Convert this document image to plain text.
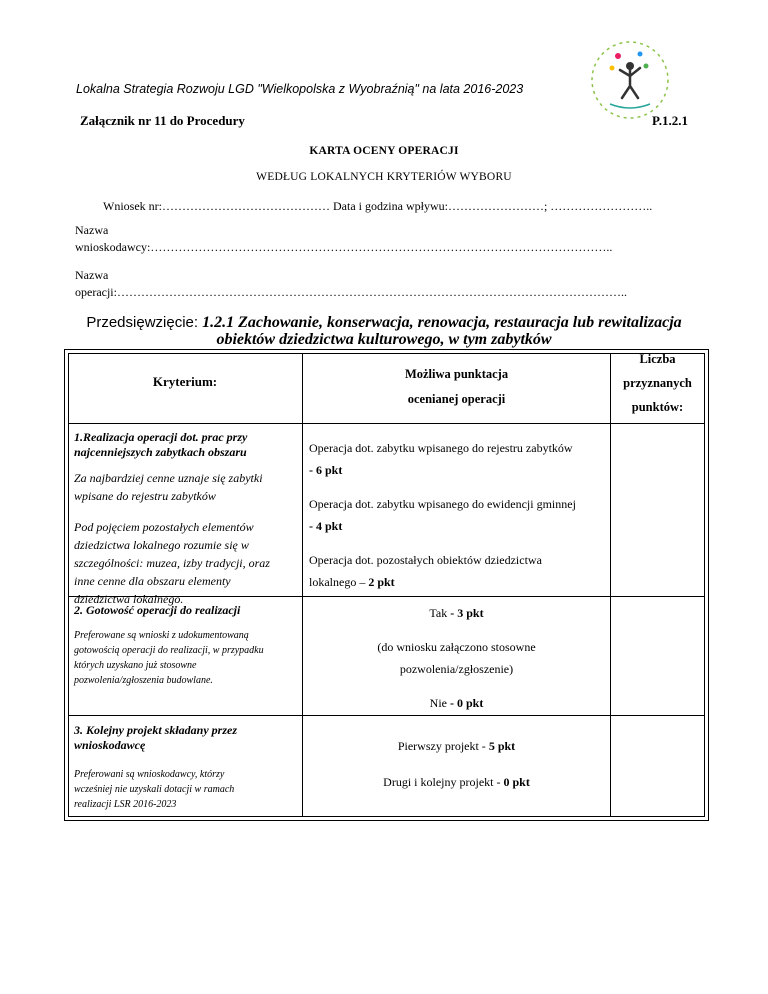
Lokalna Strategia Rozwoju LGD "Wielkopolska z Wyobraźnią" na lata 2016-2023
Załącznik nr 11 do Procedury	P.1.2.1
KARTA OCENY OPERACJI
WEDŁUG LOKALNYCH KRYTERIÓW WYBORU
Wniosek nr:…………………………………… Data i godzina wpływu:……………………; ……………………..
Nazwa
wnioskodawcy:……………………………………………………………………………………………………..
Nazwa
operacji:………………………………………………………………………………………………………………..
Przedsięwzięcie: 1.2.1 Zachowanie, konserwacja, renowacja, restauracja lub rewitalizacja
obiektów dziedzictwa kulturowego, w tym zabytków
Kryterium:	Możliwa punktacja
ocenianej operacji
Liczba
przyznanych
punktów:
1.Realizacja operacji dot. prac przy
najcenniejszych zabytkach obszaru
Za najbardziej cenne uznaje się zabytki
wpisane do rejestru zabytków
Pod pojęciem pozostałych elementów
dziedzictwa lokalnego rozumie się w
szczególności: muzea, izby tradycji, oraz
inne cenne dla obszaru elementy
dziedzictwa lokalnego.
Operacja dot. zabytku wpisanego do rejestru zabytków
- 6 pkt
Operacja dot. zabytku wpisanego do ewidencji gminnej
- 4 pkt
Operacja dot. pozostałych obiektów dziedzictwa
lokalnego – 2 pkt
2. Gotowość operacji do realizacji
Preferowane są wnioski z udokumentowaną
gotowością operacji do realizacji, w przypadku
których uzyskano już stosowne
pozwolenia/zgłoszenia budowlane.
Tak - 3 pkt
(do wniosku załączono stosowne
pozwolenia/zgłoszenie)
Nie - 0 pkt
3. Kolejny projekt składany przez
wnioskodawcę
Preferowani są wnioskodawcy, którzy
wcześniej nie uzyskali dotacji w ramach
realizacji LSR 2016-2023
Pierwszy projekt - 5 pkt
Drugi i kolejny projekt - 0 pkt
